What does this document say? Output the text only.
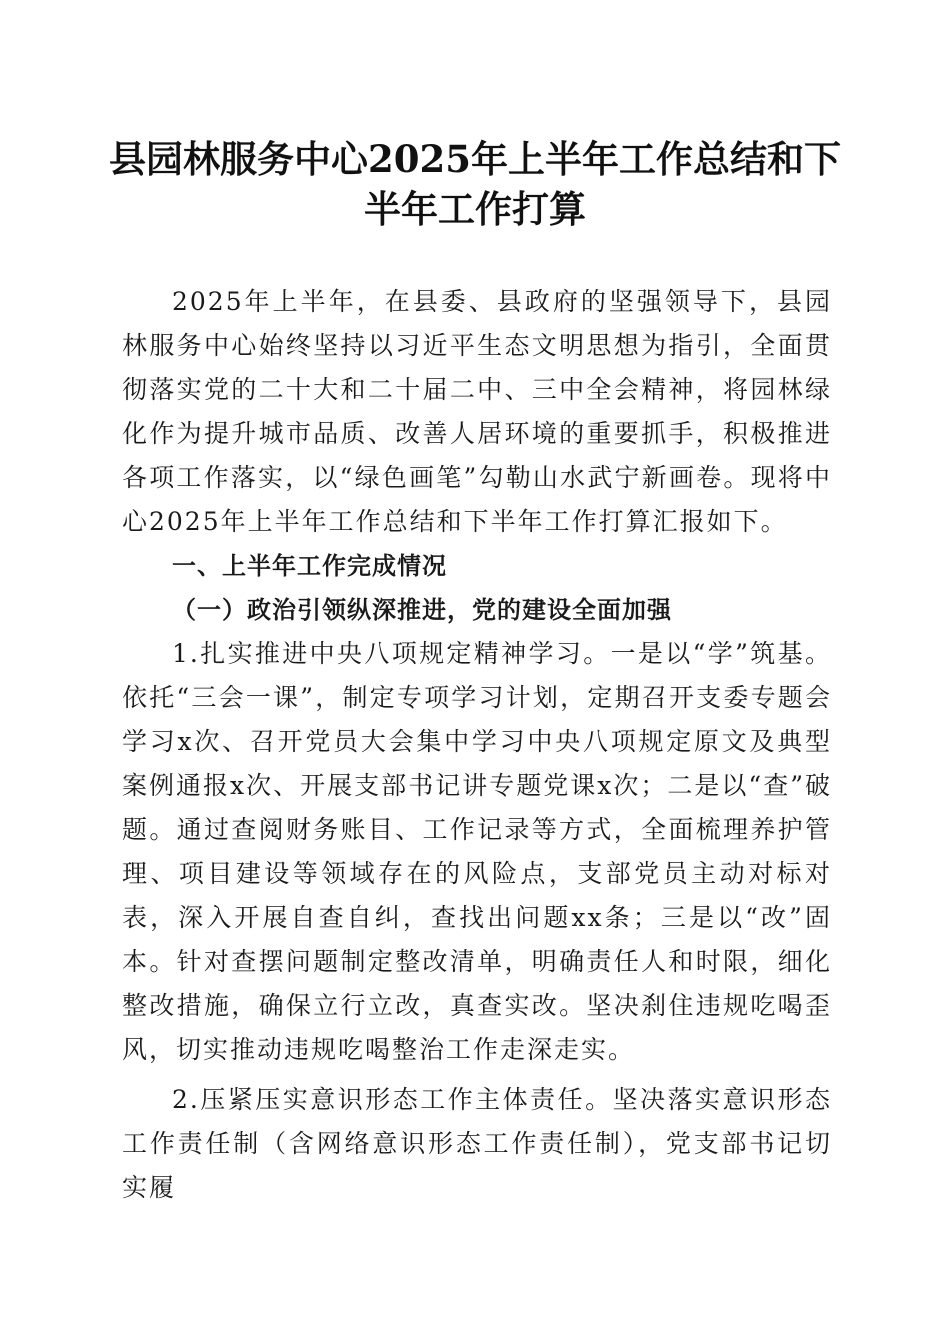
县园林服务中心2025年上半年工作总结和下半年工作打算

2025年上半年，在县委、县政府的坚强领导下，县园林服务中心始终坚持以习近平生态文明思想为指引，全面贯彻落实党的二十大和二十届二中、三中全会精神，将园林绿化作为提升城市品质、改善人居环境的重要抓手，积极推进各项工作落实，以“绿色画笔”勾勒山水武宁新画卷。现将中心2025年上半年工作总结和下半年工作打算汇报如下。

一、上半年工作完成情况

（一）政治引领纵深推进，党的建设全面加强

1.扎实推进中央八项规定精神学习。一是以“学”筑基。依托“三会一课”，制定专项学习计划，定期召开支委专题会学习x次、召开党员大会集中学习中央八项规定原文及典型案例通报x次、开展支部书记讲专题党课x次；二是以“查”破题。通过查阅财务账目、工作记录等方式，全面梳理养护管理、项目建设等领域存在的风险点，支部党员主动对标对表，深入开展自查自纠，查找出问题xx条；三是以“改”固本。针对查摆问题制定整改清单，明确责任人和时限，细化整改措施，确保立行立改，真查实改。坚决刹住违规吃喝歪风，切实推动违规吃喝整治工作走深走实。

2.压紧压实意识形态工作主体责任。坚决落实意识形态工作责任制（含网络意识形态工作责任制），党支部书记切实履
